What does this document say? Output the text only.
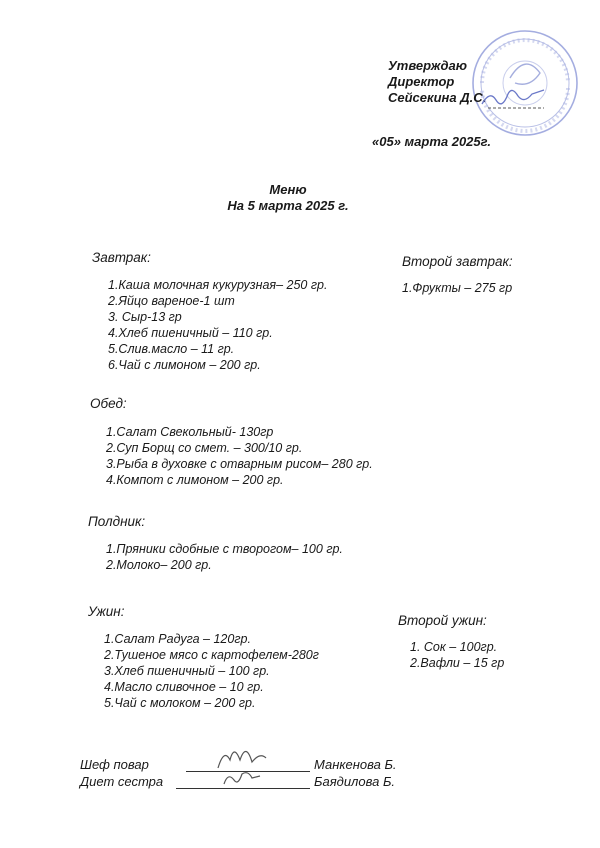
Утверждаю
Директор
Сейсекина Д.С.
«05» марта 2025г.
Меню
На 5 марта 2025 г.
Завтрак:
1.Каша молочная кукурузная– 250 гр.
2.Яйцо вареное-1 шт
3. Сыр-13 гр
4.Хлеб пшеничный – 110 гр.
5.Слив.масло – 11 гр.
6.Чай с лимоном – 200 гр.
Второй завтрак:
1.Фрукты – 275 гр
Обед:
1.Салат Свекольный- 130гр
2.Суп Борщ со смет. – 300/10 гр.
3.Рыба в духовке с отварным рисом– 280 гр.
4.Компот с лимоном – 200 гр.
Полдник:
1.Пряники сдобные с творогом– 100 гр.
2.Молоко– 200 гр.
Ужин:
1.Салат Радуга – 120гр.
2.Тушеное мясо с картофелем-280г
3.Хлеб пшеничный – 100 гр.
4.Масло сливочное – 10 гр.
5.Чай с молоком – 200 гр.
Второй ужин:
1. Сок – 100гр.
2.Вафли – 15 гр
Шеф повар	Манкенова Б.
Диет сестра	Баядилова Б.
